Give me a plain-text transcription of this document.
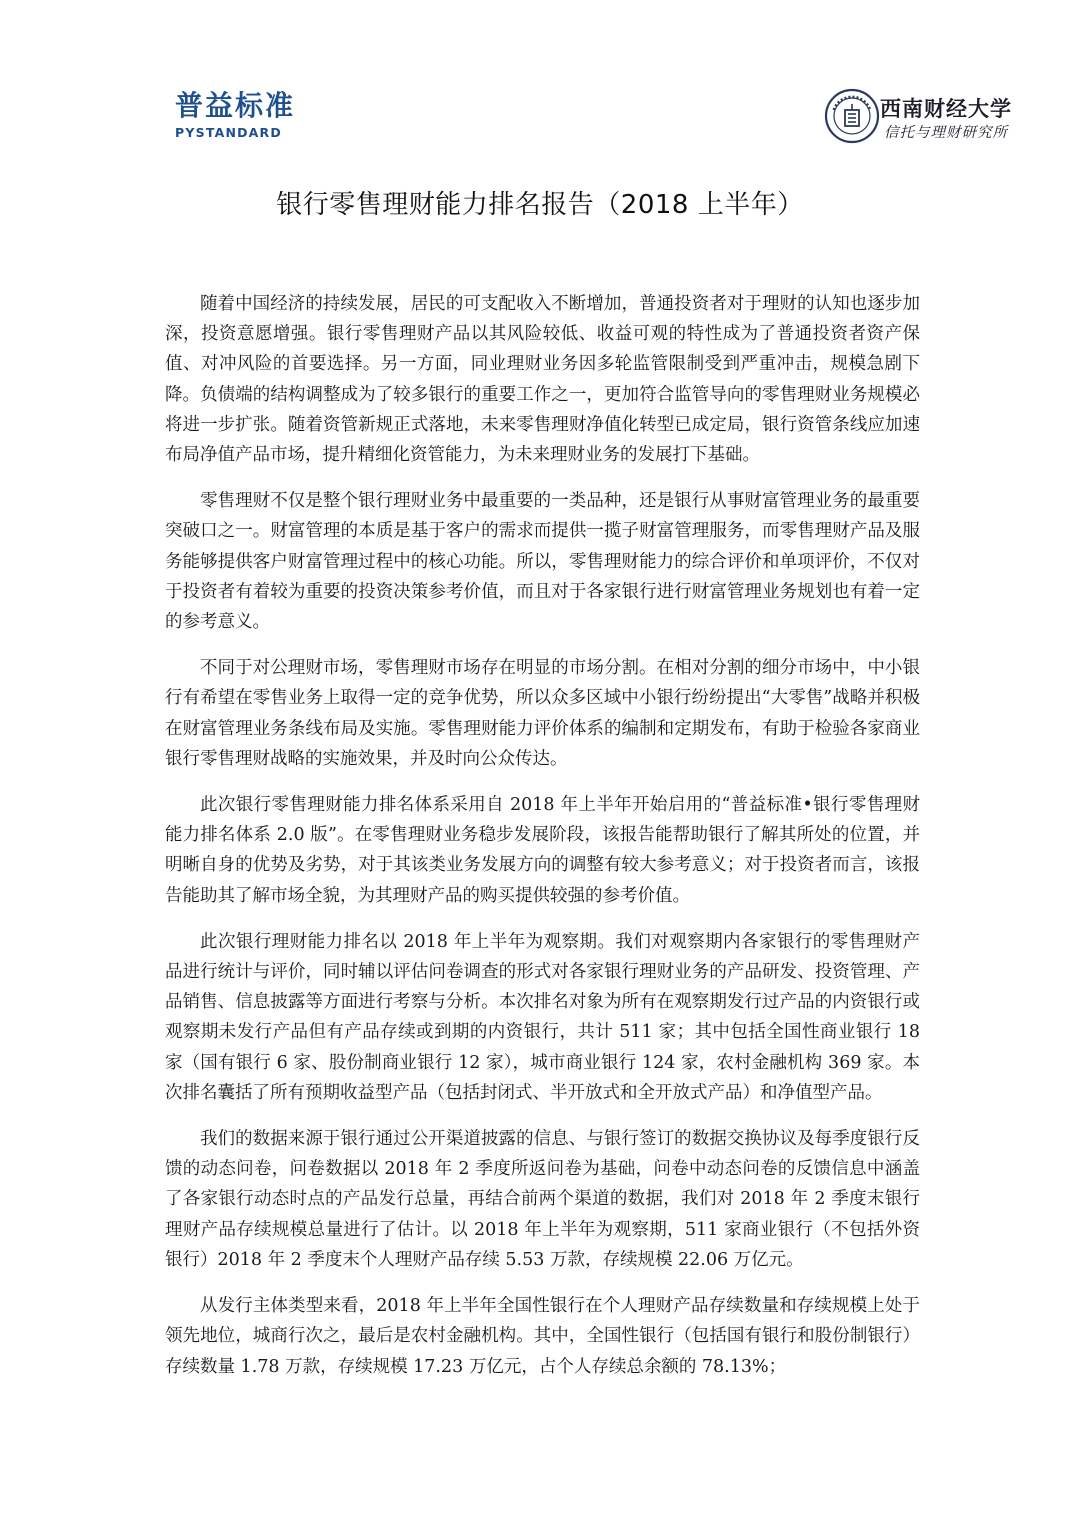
普益标准
PYSTANDARD
西南财经大学
信托与理财研究所
银行零售理财能力排名报告（2018 上半年）

随着中国经济的持续发展，居民的可支配收入不断增加，普通投资者对于理财的认知也逐步加深，投资意愿增强。银行零售理财产品以其风险较低、收益可观的特性成为了普通投资者资产保值、对冲风险的首要选择。另一方面，同业理财业务因多轮监管限制受到严重冲击，规模急剧下降。负债端的结构调整成为了较多银行的重要工作之一，更加符合监管导向的零售理财业务规模必将进一步扩张。随着资管新规正式落地，未来零售理财净值化转型已成定局，银行资管条线应加速布局净值产品市场，提升精细化资管能力，为未来理财业务的发展打下基础。

零售理财不仅是整个银行理财业务中最重要的一类品种，还是银行从事财富管理业务的最重要突破口之一。财富管理的本质是基于客户的需求而提供一揽子财富管理服务，而零售理财产品及服务能够提供客户财富管理过程中的核心功能。所以，零售理财能力的综合评价和单项评价，不仅对于投资者有着较为重要的投资决策参考价值，而且对于各家银行进行财富管理业务规划也有着一定的参考意义。

不同于对公理财市场，零售理财市场存在明显的市场分割。在相对分割的细分市场中，中小银行有希望在零售业务上取得一定的竞争优势，所以众多区域中小银行纷纷提出“大零售”战略并积极在财富管理业务条线布局及实施。零售理财能力评价体系的编制和定期发布，有助于检验各家商业银行零售理财战略的实施效果，并及时向公众传达。

此次银行零售理财能力排名体系采用自 2018 年上半年开始启用的“普益标准•银行零售理财能力排名体系 2.0 版”。在零售理财业务稳步发展阶段，该报告能帮助银行了解其所处的位置，并明晰自身的优势及劣势，对于其该类业务发展方向的调整有较大参考意义；对于投资者而言，该报告能助其了解市场全貌，为其理财产品的购买提供较强的参考价值。

此次银行理财能力排名以 2018 年上半年为观察期。我们对观察期内各家银行的零售理财产品进行统计与评价，同时辅以评估问卷调查的形式对各家银行理财业务的产品研发、投资管理、产品销售、信息披露等方面进行考察与分析。本次排名对象为所有在观察期发行过产品的内资银行或观察期未发行产品但有产品存续或到期的内资银行，共计 511 家；其中包括全国性商业银行 18 家（国有银行 6 家、股份制商业银行 12 家），城市商业银行 124 家，农村金融机构 369 家。本次排名囊括了所有预期收益型产品（包括封闭式、半开放式和全开放式产品）和净值型产品。

我们的数据来源于银行通过公开渠道披露的信息、与银行签订的数据交换协议及每季度银行反馈的动态问卷，问卷数据以 2018 年 2 季度所返问卷为基础，问卷中动态问卷的反馈信息中涵盖了各家银行动态时点的产品发行总量，再结合前两个渠道的数据，我们对 2018 年 2 季度末银行理财产品存续规模总量进行了估计。以 2018 年上半年为观察期，511 家商业银行（不包括外资银行）2018 年 2 季度末个人理财产品存续 5.53 万款，存续规模 22.06 万亿元。

从发行主体类型来看，2018 年上半年全国性银行在个人理财产品存续数量和存续规模上处于领先地位，城商行次之，最后是农村金融机构。其中，全国性银行（包括国有银行和股份制银行）存续数量 1.78 万款，存续规模 17.23 万亿元，占个人存续总余额的 78.13%；
